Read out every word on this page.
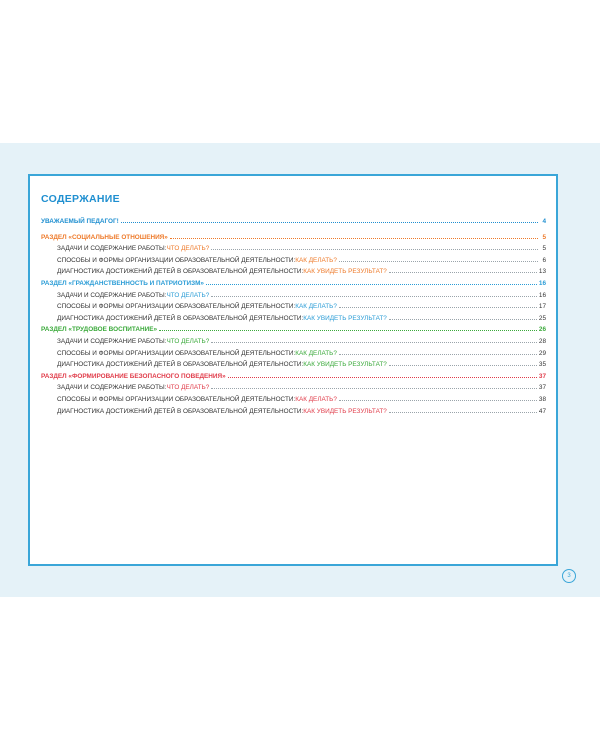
СОДЕРЖАНИЕ
УВАЖАЕМЫЙ ПЕДАГОГ!	4
РАЗДЕЛ «СОЦИАЛЬНЫЕ ОТНОШЕНИЯ»	5
ЗАДАЧИ И СОДЕРЖАНИЕ РАБОТЫ: ЧТО ДЕЛАТЬ?	5
СПОСОБЫ И ФОРМЫ ОРГАНИЗАЦИИ ОБРАЗОВАТЕЛЬНОЙ ДЕЯТЕЛЬНОСТИ: КАК ДЕЛАТЬ?	6
ДИАГНОСТИКА ДОСТИЖЕНИЙ ДЕТЕЙ В ОБРАЗОВАТЕЛЬНОЙ ДЕЯТЕЛЬНОСТИ: КАК УВИДЕТЬ РЕЗУЛЬТАТ?	13
РАЗДЕЛ «ГРАЖДАНСТВЕННОСТЬ И ПАТРИОТИЗМ»	16
ЗАДАЧИ И СОДЕРЖАНИЕ РАБОТЫ: ЧТО ДЕЛАТЬ?	16
СПОСОБЫ И ФОРМЫ ОРГАНИЗАЦИИ ОБРАЗОВАТЕЛЬНОЙ ДЕЯТЕЛЬНОСТИ: КАК ДЕЛАТЬ?	17
ДИАГНОСТИКА ДОСТИЖЕНИЙ ДЕТЕЙ В ОБРАЗОВАТЕЛЬНОЙ ДЕЯТЕЛЬНОСТИ: КАК УВИДЕТЬ РЕЗУЛЬТАТ?	25
РАЗДЕЛ «ТРУДОВОЕ ВОСПИТАНИЕ»	26
ЗАДАЧИ И СОДЕРЖАНИЕ РАБОТЫ: ЧТО ДЕЛАТЬ?	28
СПОСОБЫ И ФОРМЫ ОРГАНИЗАЦИИ ОБРАЗОВАТЕЛЬНОЙ ДЕЯТЕЛЬНОСТИ: КАК ДЕЛАТЬ?	29
ДИАГНОСТИКА ДОСТИЖЕНИЙ ДЕТЕЙ В ОБРАЗОВАТЕЛЬНОЙ ДЕЯТЕЛЬНОСТИ: КАК УВИДЕТЬ РЕЗУЛЬТАТ?	35
РАЗДЕЛ «ФОРМИРОВАНИЕ БЕЗОПАСНОГО ПОВЕДЕНИЯ»	37
ЗАДАЧИ И СОДЕРЖАНИЕ РАБОТЫ: ЧТО ДЕЛАТЬ?	37
СПОСОБЫ И ФОРМЫ ОРГАНИЗАЦИИ ОБРАЗОВАТЕЛЬНОЙ ДЕЯТЕЛЬНОСТИ: КАК ДЕЛАТЬ?	38
ДИАГНОСТИКА ДОСТИЖЕНИЙ ДЕТЕЙ В ОБРАЗОВАТЕЛЬНОЙ ДЕЯТЕЛЬНОСТИ: КАК УВИДЕТЬ РЕЗУЛЬТАТ?	47
3
